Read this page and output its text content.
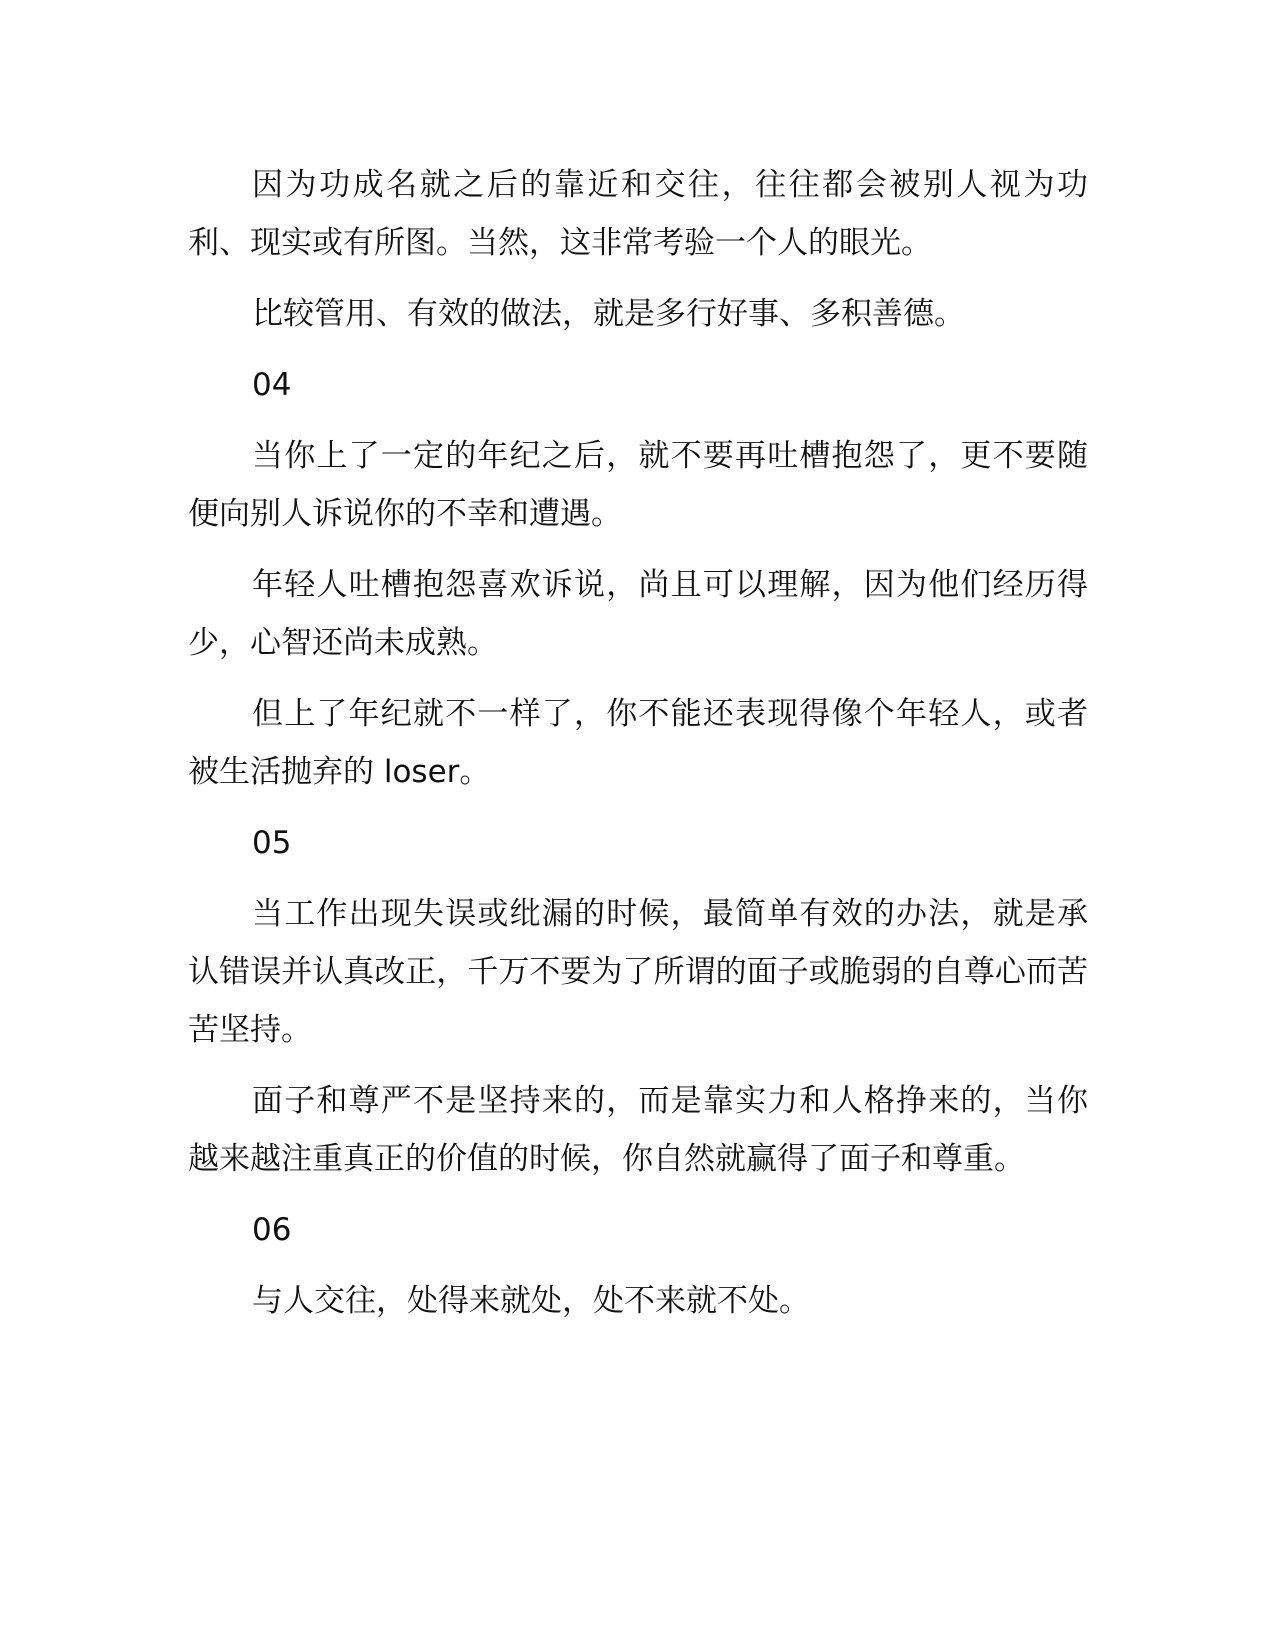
因为功成名就之后的靠近和交往，往往都会被别人视为功利、现实或有所图。当然，这非常考验一个人的眼光。

比较管用、有效的做法，就是多行好事、多积善德。

04

当你上了一定的年纪之后，就不要再吐槽抱怨了，更不要随便向别人诉说你的不幸和遭遇。

年轻人吐槽抱怨喜欢诉说，尚且可以理解，因为他们经历得少，心智还尚未成熟。

但上了年纪就不一样了，你不能还表现得像个年轻人，或者被生活抛弃的 loser。

05

当工作出现失误或纰漏的时候，最简单有效的办法，就是承认错误并认真改正，千万不要为了所谓的面子或脆弱的自尊心而苦苦坚持。

面子和尊严不是坚持来的，而是靠实力和人格挣来的，当你越来越注重真正的价值的时候，你自然就赢得了面子和尊重。

06

与人交往，处得来就处，处不来就不处。
